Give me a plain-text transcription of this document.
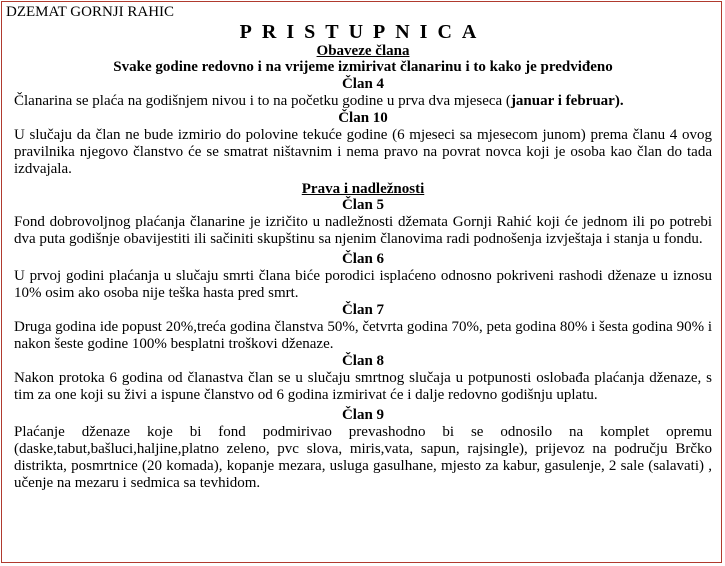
DZEMAT GORNJI RAHIC

PRISTUPNICA

Obaveze člana

Svake godine redovno i na vrijeme izmirivat članarinu i to kako je predviđeno

Član 4

Članarina se plaća na godišnjem nivou i to na početku godine u prva dva mjeseca (januar i februar).

Član 10

U slučaju da član ne bude izmirio do polovine tekuće godine (6 mjeseci sa mjesecom junom) prema članu 4 ovog pravilnika njegovo članstvo će se smatrat ništavnim i nema pravo na povrat novca koji je osoba kao član do tada izdvajala.

Prava i nadležnosti

Član 5

Fond dobrovoljnog plaćanja članarine je izričito u nadležnosti džemata Gornji Rahić koji će jednom ili po potrebi dva puta godišnje obavijestiti ili sačiniti skupštinu sa njenim članovima radi podnošenja izvještaja i stanja u fondu.

Član 6

U prvoj godini plaćanja u slučaju smrti člana biće porodici isplaćeno odnosno pokriveni rashodi dženaze u iznosu 10% osim ako osoba nije teška hasta pred smrt.

Član 7

Druga godina ide popust 20%,treća godina članstva 50%, četvrta godina 70%, peta godina 80% i šesta godina 90% i nakon šeste godine 100% besplatni troškovi dženaze.

Član 8

Nakon protoka 6 godina od članastva član se u slučaju smrtnog slučaja u potpunosti oslobađa plaćanja dženaze, s tim za one koji su živi a ispune članstvo od 6 godina izmirivat će i dalje redovno godišnju uplatu.

Član 9

Plaćanje dženaze koje bi fond podmirivao prevashodno bi se odnosilo na komplet opremu (daske,tabut,bašluci,haljine,platno zeleno, pvc slova, miris,vata, sapun, rajsingle), prijevoz na području Brčko distrikta, posmrtnice (20 komada), kopanje mezara, usluga gasulhane, mjesto za kabur, gasulenje, 2 sale (salavati) , učenje na mezaru i sedmica sa tevhidom.
